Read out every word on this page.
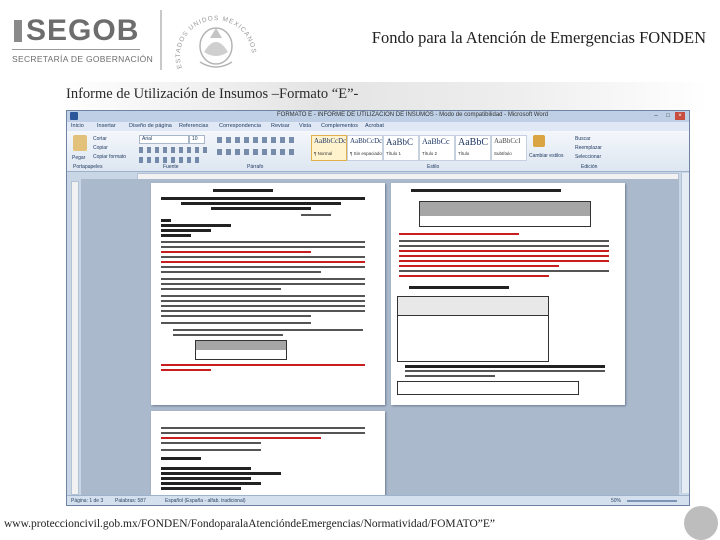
SEGOB
SECRETARÍA DE GOBERNACIÓN
ESTADOS UNIDOS MEXICANOS
Fondo para la Atención de Emergencias FONDEN
Informe de Utilización de Insumos –Formato “E”-
FORMATO E - INFORME DE UTILIZACIÓN DE INSUMOS - Modo de compatibilidad - Microsoft Word	–	□	×
Inicio Insertar Diseño de página Referencias Correspondencia Revisar Vista Complementos Acrobat
Pegar
Cortar
Copiar
Copiar formato
Arial	10	AaBbCcDc
¶ Normal
AaBbCcDc
¶ Sin espaciado
AaBbC
Título 1
AaBbCc
Título 2
AaBbC
Título
AaBbCcI
Subtítulo	Cambiar estilos
Buscar
Reemplazar
Seleccionar
Portapapeles	Fuente	Párrafo	Estilo	Edición
Página: 1 de 3 Palabras: 587	Español (España - alfab. tradicional)	50%
www.proteccioncivil.gob.mx/FONDEN/FondoparalaAtencióndeEmergencias/Normatividad/FOMATO”E”
